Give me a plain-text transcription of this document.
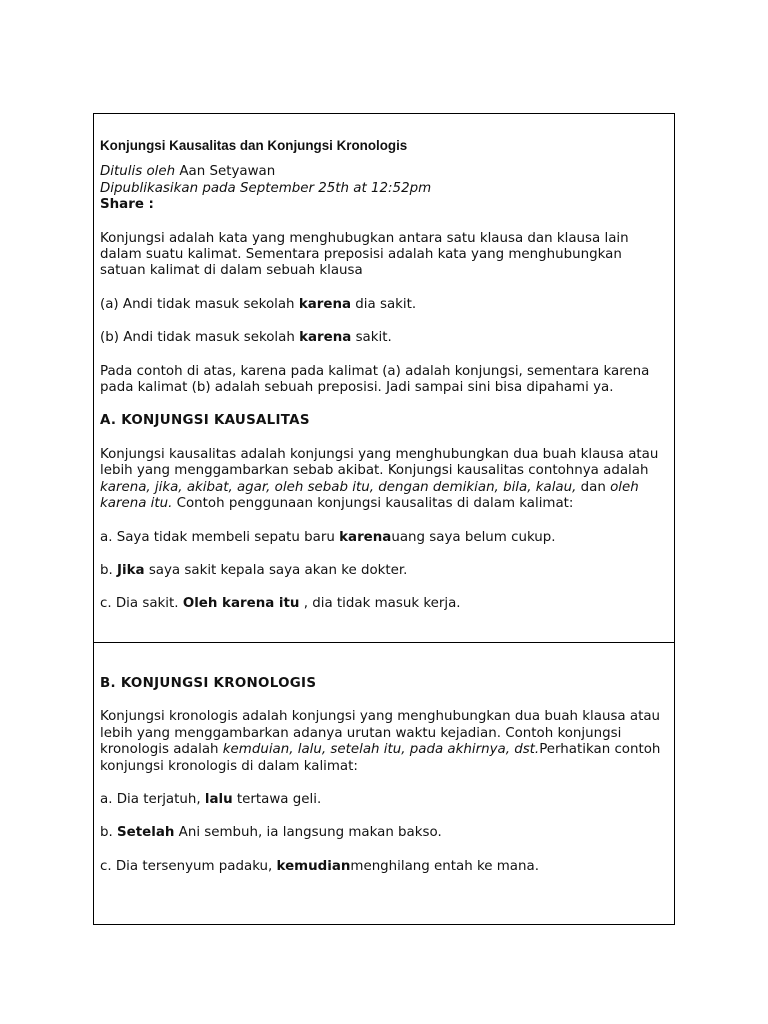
Konjungsi Kausalitas dan Konjungsi Kronologis

Ditulis oleh Aan Setyawan

Dipublikasikan pada September 25th at 12:52pm

Share :

Konjungsi adalah kata yang menghubugkan antara satu klausa dan klausa lain dalam suatu kalimat. Sementara preposisi adalah kata yang menghubungkan satuan kalimat di dalam sebuah klausa

(a) Andi tidak masuk sekolah karena dia sakit.

(b) Andi tidak masuk sekolah karena sakit.

Pada contoh di atas, karena pada kalimat (a) adalah konjungsi, sementara karena pada kalimat (b) adalah sebuah preposisi. Jadi sampai sini bisa dipahami ya.

A. KONJUNGSI KAUSALITAS

Konjungsi kausalitas adalah konjungsi yang menghubungkan dua buah klausa atau lebih yang menggambarkan sebab akibat. Konjungsi kausalitas contohnya adalah karena, jika, akibat, agar, oleh sebab itu, dengan demikian, bila, kalau, dan oleh karena itu. Contoh penggunaan konjungsi kausalitas di dalam kalimat:

a. Saya tidak membeli sepatu baru karenauang saya belum cukup.

b. Jika saya sakit kepala saya akan ke dokter.

c. Dia sakit. Oleh karena itu , dia tidak masuk kerja.

B. KONJUNGSI KRONOLOGIS

Konjungsi kronologis adalah konjungsi yang menghubungkan dua buah klausa atau lebih yang menggambarkan adanya urutan waktu kejadian. Contoh konjungsi kronologis adalah kemduian, lalu, setelah itu, pada akhirnya, dst.Perhatikan contoh konjungsi kronologis di dalam kalimat:

a. Dia terjatuh, lalu tertawa geli.

b. Setelah Ani sembuh, ia langsung makan bakso.

c. Dia tersenyum padaku, kemudianmenghilang entah ke mana.
